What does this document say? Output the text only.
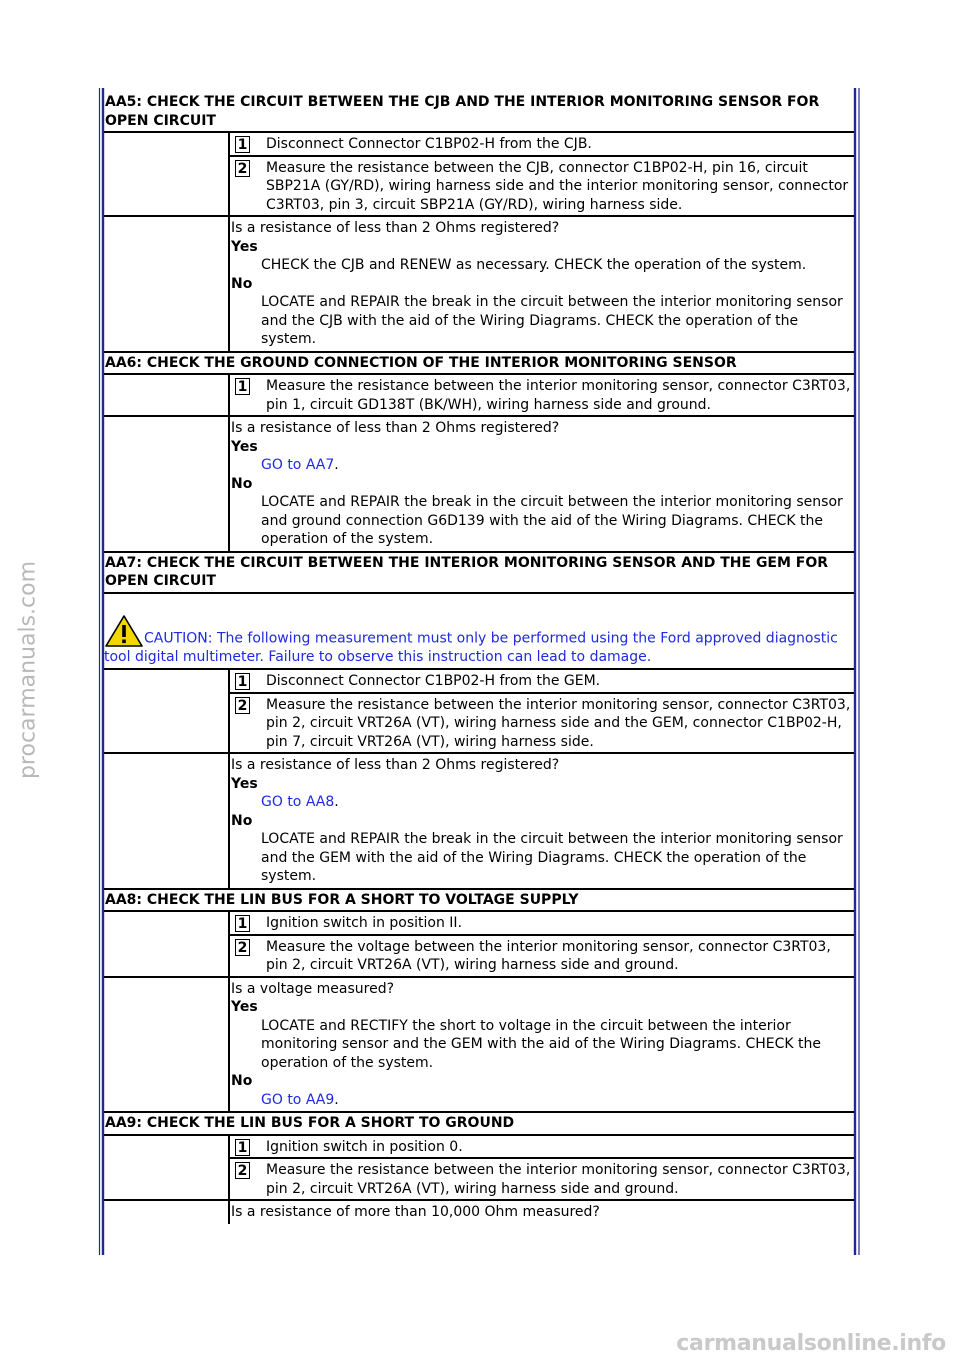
procarmanuals.com
carmanualsonline.info
AA5: CHECK THE CIRCUIT BETWEEN THE CJB AND THE INTERIOR MONITORING SENSOR FOR OPEN CIRCUIT
1 Disconnect Connector C1BP02-H from the CJB.
2 Measure the resistance between the CJB, connector C1BP02-H, pin 16, circuit SBP21A (GY/RD), wiring harness side and the interior monitoring sensor, connector C3RT03, pin 3, circuit SBP21A (GY/RD), wiring harness side.
Is a resistance of less than 2 Ohms registered?
Yes
CHECK the CJB and RENEW as necessary. CHECK the operation of the system.
No
LOCATE and REPAIR the break in the circuit between the interior monitoring sensor and the CJB with the aid of the Wiring Diagrams. CHECK the operation of the system.
AA6: CHECK THE GROUND CONNECTION OF THE INTERIOR MONITORING SENSOR
1 Measure the resistance between the interior monitoring sensor, connector C3RT03, pin 1, circuit GD138T (BK/WH), wiring harness side and ground.
Is a resistance of less than 2 Ohms registered?
Yes
GO to AA7.
No
LOCATE and REPAIR the break in the circuit between the interior monitoring sensor and ground connection G6D139 with the aid of the Wiring Diagrams. CHECK the operation of the system.
AA7: CHECK THE CIRCUIT BETWEEN THE INTERIOR MONITORING SENSOR AND THE GEM FOR OPEN CIRCUIT
CAUTION: The following measurement must only be performed using the Ford approved diagnostic tool digital multimeter. Failure to observe this instruction can lead to damage.
1 Disconnect Connector C1BP02-H from the GEM.
2 Measure the resistance between the interior monitoring sensor, connector C3RT03, pin 2, circuit VRT26A (VT), wiring harness side and the GEM, connector C1BP02-H, pin 7, circuit VRT26A (VT), wiring harness side.
Is a resistance of less than 2 Ohms registered?
Yes
GO to AA8.
No
LOCATE and REPAIR the break in the circuit between the interior monitoring sensor and the GEM with the aid of the Wiring Diagrams. CHECK the operation of the system.
AA8: CHECK THE LIN BUS FOR A SHORT TO VOLTAGE SUPPLY
1 Ignition switch in position II.
2 Measure the voltage between the interior monitoring sensor, connector C3RT03, pin 2, circuit VRT26A (VT), wiring harness side and ground.
Is a voltage measured?
Yes
LOCATE and RECTIFY the short to voltage in the circuit between the interior monitoring sensor and the GEM with the aid of the Wiring Diagrams. CHECK the operation of the system.
No
GO to AA9.
AA9: CHECK THE LIN BUS FOR A SHORT TO GROUND
1 Ignition switch in position 0.
2 Measure the resistance between the interior monitoring sensor, connector C3RT03, pin 2, circuit VRT26A (VT), wiring harness side and ground.
Is a resistance of more than 10,000 Ohm measured?
